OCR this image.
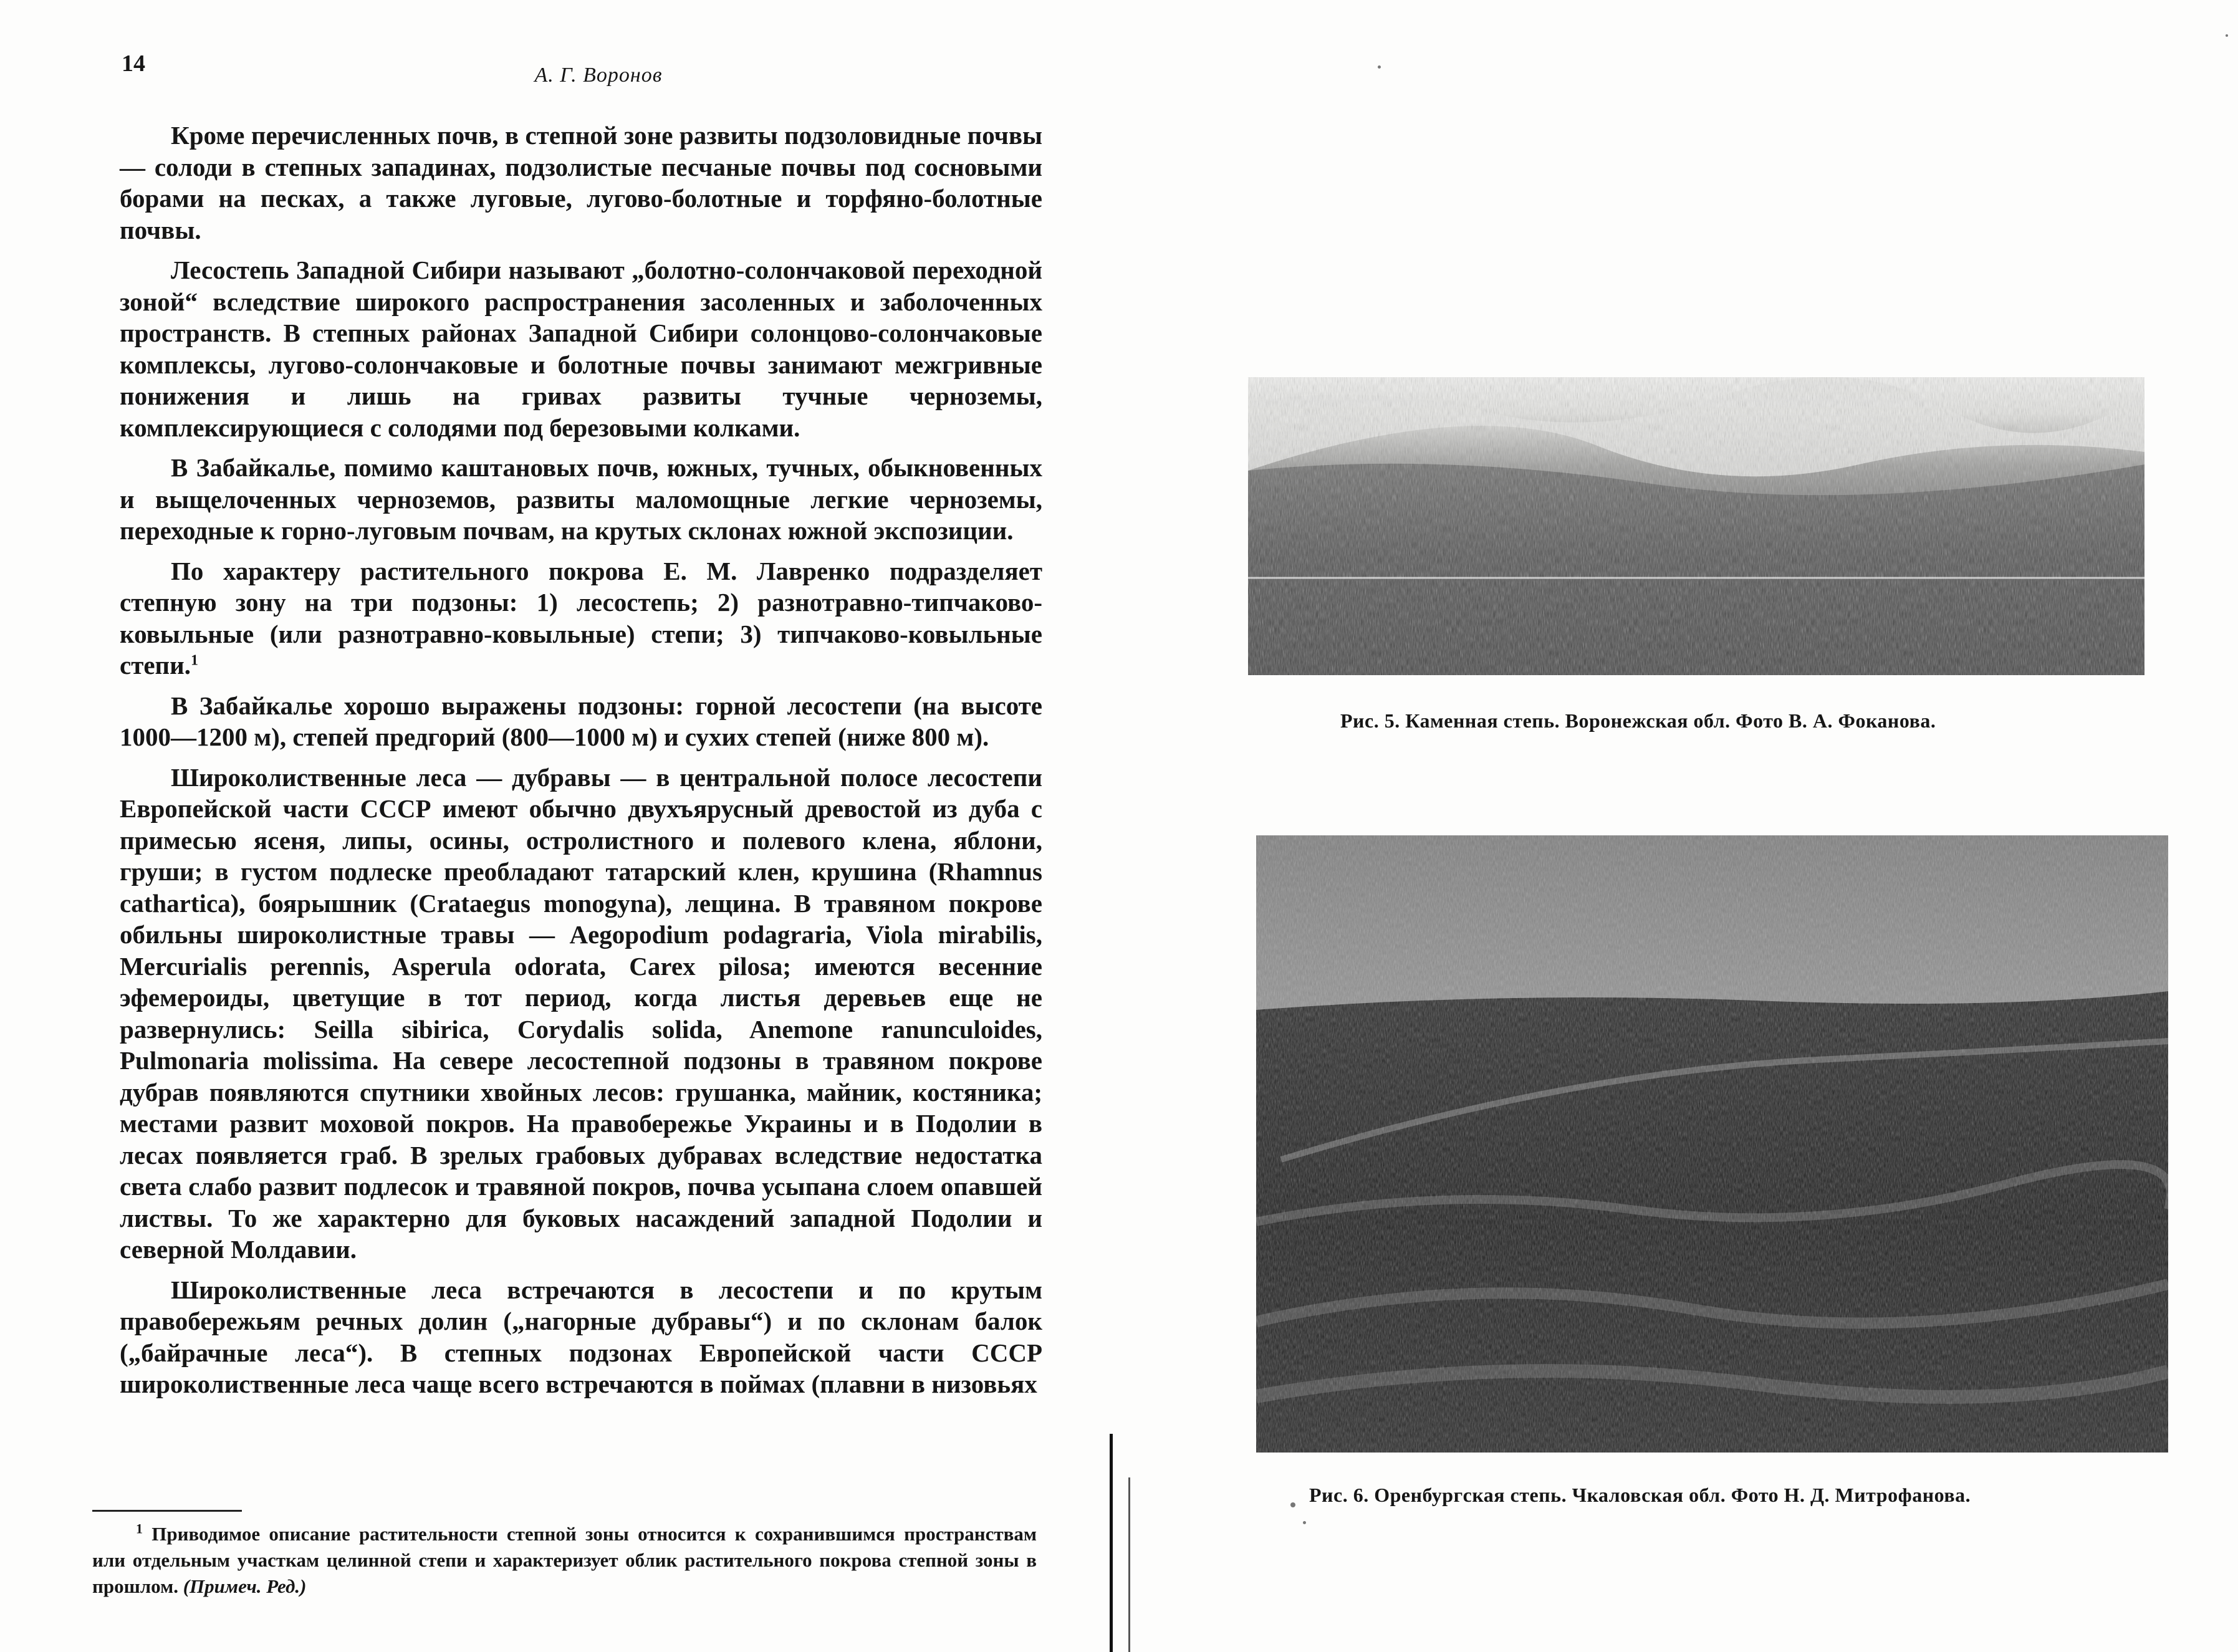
14	А. Г. Воронов

Кроме перечисленных почв, в степной зоне развиты подзоловидные почвы — солоди в степных западинах, подзолистые песчаные почвы под сосновыми борами на песках, а также луговые, лугово-болотные и торфяно-болотные почвы.

Лесостепь Западной Сибири называют „болотно-солончаковой переходной зоной“ вследствие широкого распространения засоленных и заболоченных пространств. В степных районах Западной Сибири солонцово-солончаковые комплексы, лугово-солончаковые и болотные почвы занимают межгривные понижения и лишь на гривах развиты тучные черноземы, комплексирующиеся с солодями под березовыми колками.

В Забайкалье, помимо каштановых почв, южных, тучных, обыкновенных и выщелоченных черноземов, развиты маломощные легкие черноземы, переходные к горно-луговым почвам, на крутых склонах южной экспозиции.

По характеру растительного покрова Е. М. Лавренко подразделяет степную зону на три подзоны: 1) лесостепь; 2) разнотравно-типчаково-ковыльные (или разнотравно-ковыльные) степи; 3) типчаково-ковыльные степи.$^1$

В Забайкалье хорошо выражены подзоны: горной лесостепи (на высоте 1000—1200 м), степей предгорий (800—1000 м) и сухих степей (ниже 800 м).

Широколиственные леса — дубравы — в центральной полосе лесостепи Европейской части СССР имеют обычно двухъярусный древостой из дуба с примесью ясеня, липы, осины, остролистного и полевого клена, яблони, груши; в густом подлеске преобладают татарский клен, крушина (Rhamnus cathartica), боярышник (Crataegus monogyna), лещина. В травяном покрове обильны широколистные травы — Aegopodium podagraria, Viola mirabilis, Mercurialis perennis, Asperula odorata, Carex pilosa; имеются весенние эфемероиды, цветущие в тот период, когда листья деревьев еще не развернулись: Seilla sibirica, Corydalis solida, Anemone ranunculoides, Pulmonaria molissima. На севере лесостепной подзоны в травяном покрове дубрав появляются спутники хвойных лесов: грушанка, майник, костяника; местами развит моховой покров. На правобережье Украины и в Подолии в лесах появляется граб. В зрелых грабовых дубравах вследствие недостатка света слабо развит подлесок и травяной покров, почва усыпана слоем опавшей листвы. То же характерно для буковых насаждений западной Подолии и северной Молдавии.

Широколиственные леса встречаются в лесостепи и по крутым правобережьям речных долин („нагорные дубравы“) и по склонам балок („байрачные леса“). В степных подзонах Европейской части СССР широколиственные леса чаще всего встречаются в поймах (плавни в низовьях

$^1$ Приводимое описание растительности степной зоны относится к сохранившимся пространствам или отдельным участкам целинной степи и характеризует облик растительного покрова степной зоны в прошлом. (Примеч. Ред.)
Рис. 5. Каменная степь. Воронежская обл. Фото В. А. Фоканова.
Рис. 6. Оренбургская степь. Чкаловская обл. Фото Н. Д. Митрофанова.
